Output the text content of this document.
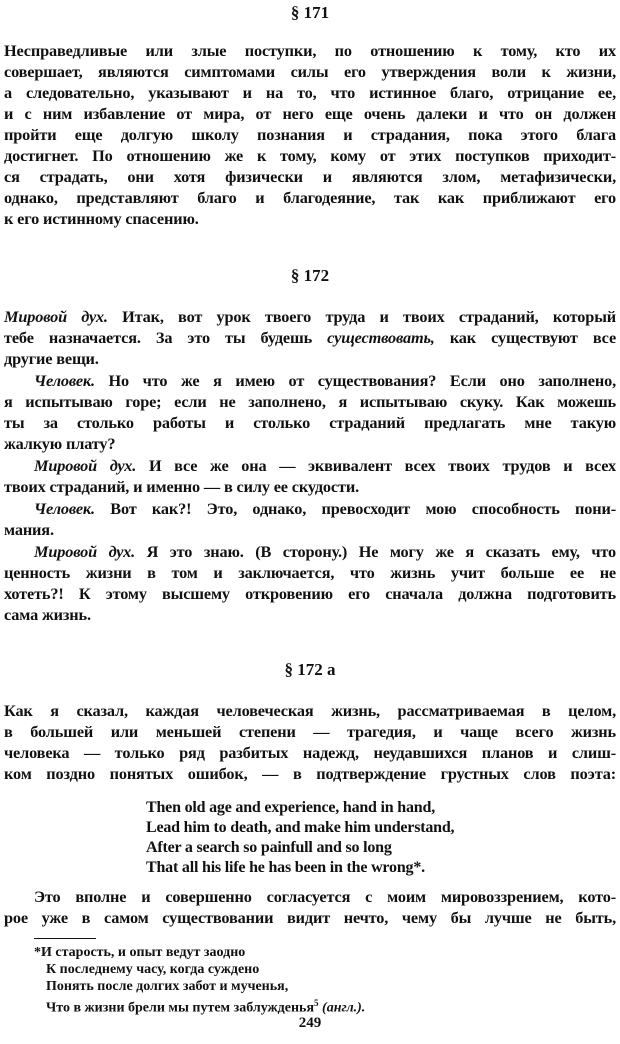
§ 171
Несправедливые или злые поступки, по отношению к тому, кто их
совершает, являются симптомами силы его утверждения воли к жизни,
а следовательно, указывают и на то, что истинное благо, отрицание ее,
и с ним избавление от мира, от него еще очень далеки и что он должен
пройти еще долгую школу познания и страдания, пока этого блага
достигнет. По отношению же к тому, кому от этих поступков приходит-
ся страдать, они хотя физически и являются злом, метафизически,
однако, представляют благо и благодеяние, так как приближают его
к его истинному спасению.
§ 172
Мировой дух. Итак, вот урок твоего труда и твоих страданий, который
тебе назначается. За это ты будешь существовать, как существуют все
другие вещи.
Человек. Но что же я имею от существования? Если оно заполнено,
я испытываю горе; если не заполнено, я испытываю скуку. Как можешь
ты за столько работы и столько страданий предлагать мне такую
жалкую плату?
Мировой дух. И все же она — эквивалент всех твоих трудов и всех
твоих страданий, и именно — в силу ее скудости.
Человек. Вот как?! Это, однако, превосходит мою способность пони-
мания.
Мировой дух. Я это знаю. (В сторону.) Не могу же я сказать ему, что
ценность жизни в том и заключается, что жизнь учит больше ее не
хотеть?! К этому высшему откровению его сначала должна подготовить
сама жизнь.
§ 172 а
Как я сказал, каждая человеческая жизнь, рассматриваемая в целом,
в большей или меньшей степени — трагедия, и чаще всего жизнь
человека — только ряд разбитых надежд, неудавшихся планов и слиш-
ком поздно понятых ошибок, — в подтверждение грустных слов поэта:
Then old age and experience, hand in hand,
Lead him to death, and make him understand,
After a search so painfull and so long
That all his life he has been in the wrong*.
Это вполне и совершенно согласуется с моим мировоззрением, кото-
рое уже в самом существовании видит нечто, чему бы лучше не быть,
*И старость, и опыт ведут заодно
К последнему часу, когда суждено
Понять после долгих забот и мученья,
Что в жизни брели мы путем заблужденья$^5$ (англ.).
249
